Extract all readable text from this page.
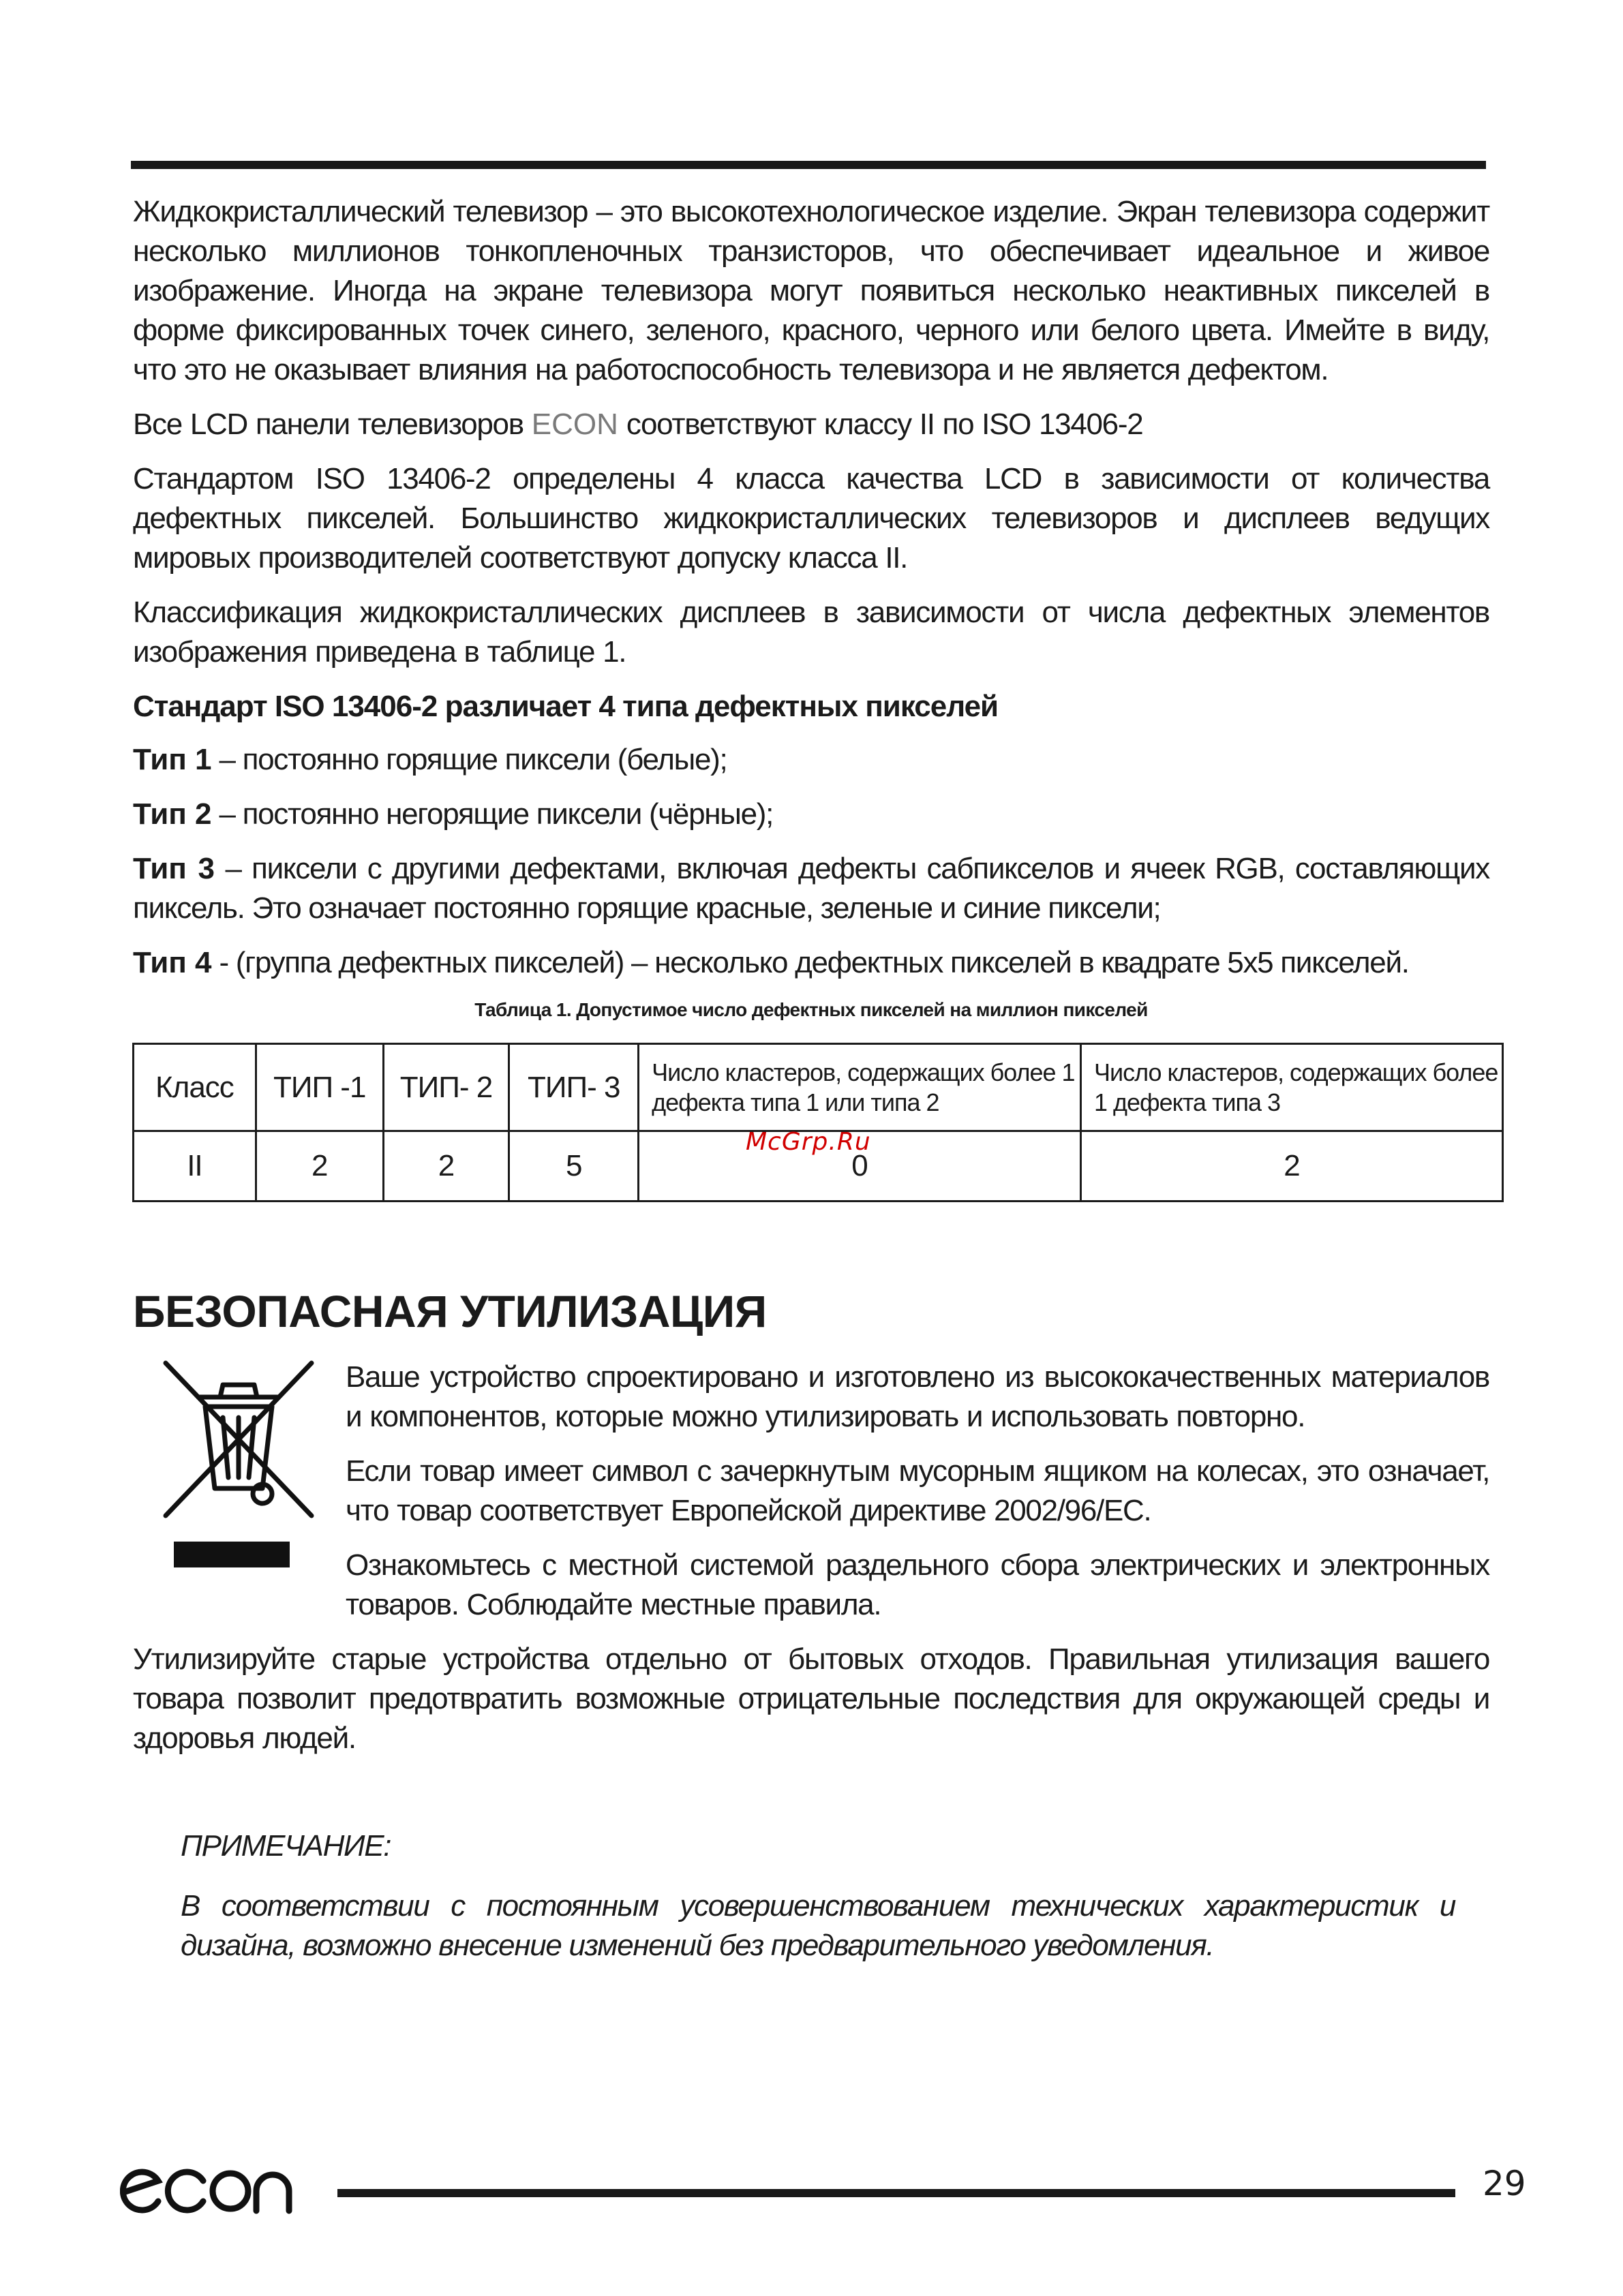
Жидкокристаллический телевизор – это высокотехнологическое изделие. Экран телевизора содержит несколько миллионов тонкопленочных транзисторов, что обеспечивает идеальное и живое изображение. Иногда на экране телевизора могут появиться несколько неактивных пикселей в форме фиксированных точек синего, зеленого, красного, черного или белого цвета. Имейте в виду, что это не оказывает влияния на работоспособность телевизора и не является дефектом.

Все LCD панели телевизоров ECON соответствуют классу II по ISO 13406-2

Стандартом ISO 13406-2 определены 4 класса качества LCD в зависимости от количества дефектных пикселей. Большинство жидкокристаллических телевизоров и дисплеев ведущих мировых производителей соответствуют допуску класса II.

Классификация жидкокристаллических дисплеев в зависимости от числа дефектных элементов изображения приведена в таблице 1.

Стандарт ISO 13406-2 различает 4 типа дефектных пикселей

Тип 1 – постоянно горящие пиксели (белые);

Тип 2 – постоянно негорящие пиксели (чёрные);

Тип 3 – пиксели с другими дефектами, включая дефекты сабпикселов и ячеек RGB, составляющих пиксель. Это означает постоянно горящие красные, зеленые и синие пиксели;

Тип 4 - (группа дефектных пикселей) – несколько дефектных пикселей в квадрате 5x5 пикселей.

Таблица 1. Допустимое число дефектных пикселей на миллион пикселей

Класс	ТИП -1	ТИП- 2	ТИП- 3	Число кластеров, содержащих более 1 дефекта типа 1 или типа 2	Число кластеров, содержащих более 1 дефекта типа 3
II	2	2	5	0	2
БЕЗОПАСНАЯ УТИЛИЗАЦИЯ

Ваше устройство спроектировано и изготовлено из высококачественных материалов и компонентов, которые можно утилизировать и использовать повторно.

Если товар имеет символ с зачеркнутым мусорным ящиком на колесах, это означает, что товар соответствует Европейской директиве 2002/96/EC.

Ознакомьтесь с местной системой раздельного сбора электрических и электронных товаров. Соблюдайте местные правила.

Утилизируйте старые устройства отдельно от бытовых отходов. Правильная утилизация вашего товара позволит предотвратить возможные отрицательные последствия для окружающей среды и здоровья людей.

ПРИМЕЧАНИЕ:

В соответствии с постоянным усовершенствованием технических характеристик и дизайна, возможно внесение изменений без предварительного уведомления.

McGrp.Ru
29
